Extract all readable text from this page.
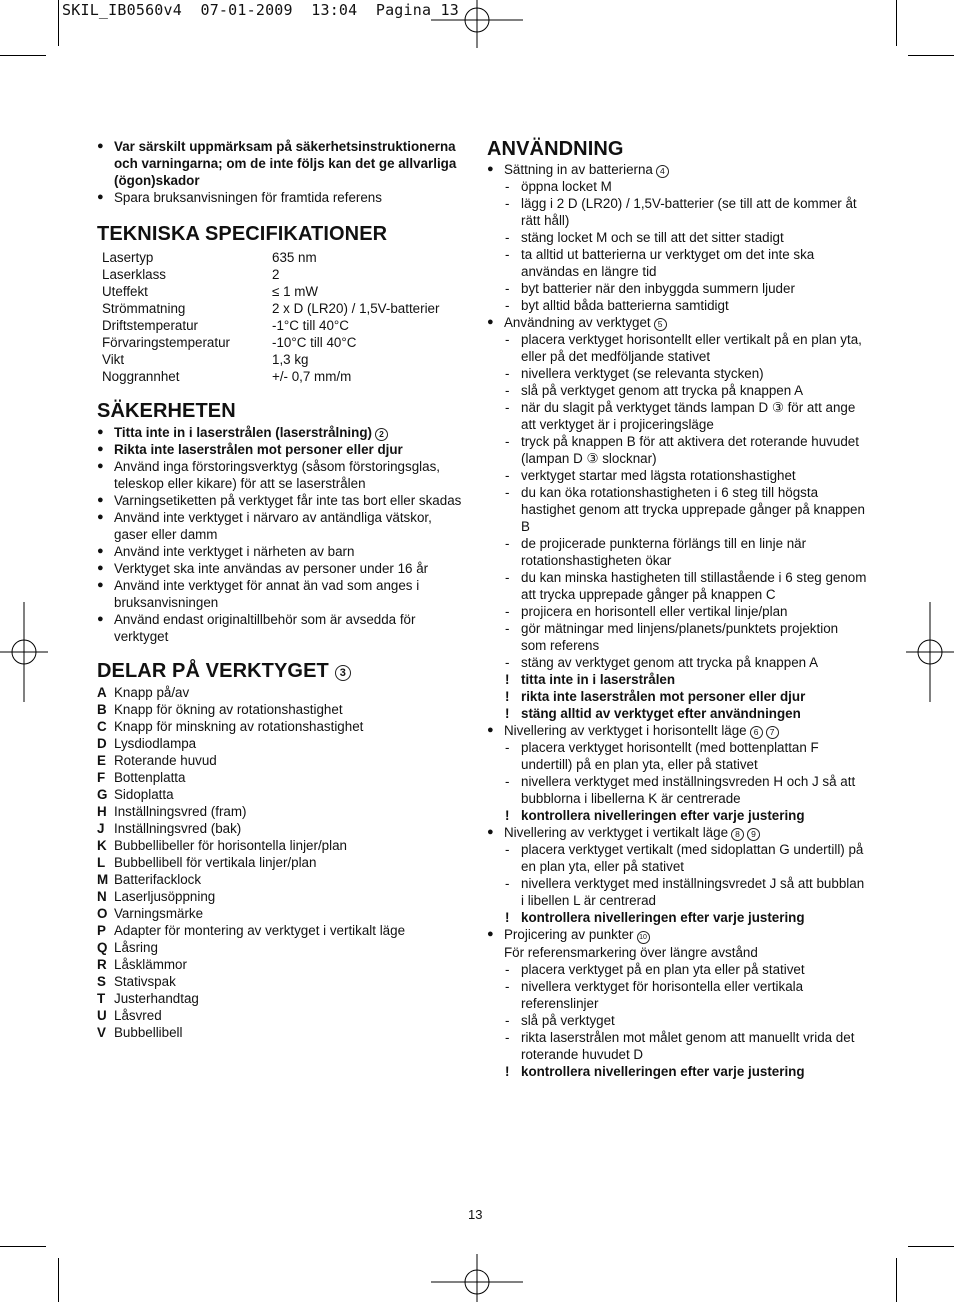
SKIL_IB0560v4  07-01-2009  13:04  Pagina 13
● Var särskilt uppmärksam på säkerhetsinstruktionerna och varningarna; om de inte följs kan det ge allvarliga (ögon)skador
● Spara bruksanvisningen för framtida referens
TEKNISKA SPECIFIKATIONER
Lasertyp	635 nm
Laserklass	2
Uteffekt	≤ 1 mW
Strömmatning	2 x D (LR20) / 1,5V-batterier
Driftstemperatur	-1°C till 40°C
Förvaringstemperatur	-10°C till 40°C
Vikt	1,3 kg
Noggrannhet	+/- 0,7 mm/m
SÄKERHETEN
● Titta inte in i laserstrålen (laserstrålning) 2
● Rikta inte laserstrålen mot personer eller djur
● Använd inga förstoringsverktyg (såsom förstoringsglas, teleskop eller kikare) för att se laserstrålen
● Varningsetiketten på verktyget får inte tas bort eller skadas
● Använd inte verktyget i närvaro av antändliga vätskor, gaser eller damm
● Använd inte verktyget i närheten av barn
● Verktyget ska inte användas av personer under 16 år
● Använd inte verktyget för annat än vad som anges i bruksanvisningen
● Använd endast originaltillbehör som är avsedda för verktyget
DELAR PÅ VERKTYGET 3
A Knapp på/av
B Knapp för ökning av rotationshastighet
C Knapp för minskning av rotationshastighet
D Lysdiodlampa
E Roterande huvud
F Bottenplatta
G Sidoplatta
H Inställningsvred (fram)
J Inställningsvred (bak)
K Bubbellibeller för horisontella linjer/plan
L Bubbellibell för vertikala linjer/plan
M Batterifacklock
N Laserljusöppning
O Varningsmärke
P Adapter för montering av verktyget i vertikalt läge
Q Låsring
R Låsklämmor
S Stativspak
T Justerhandtag
U Låsvred
V Bubbellibell
ANVÄNDNING
● Sättning in av batterierna 4
- öppna locket M
- lägg i 2 D (LR20) / 1,5V-batterier (se till att de kommer åt rätt håll)
- stäng locket M och se till att det sitter stadigt
- ta alltid ut batterierna ur verktyget om det inte ska användas en längre tid
- byt batterier när den inbyggda summern ljuder
- byt alltid båda batterierna samtidigt
● Användning av verktyget 5
- placera verktyget horisontellt eller vertikalt på en plan yta, eller på det medföljande stativet
- nivellera verktyget (se relevanta stycken)
- slå på verktyget genom att trycka på knappen A
- när du slagit på verktyget tänds lampan D ③ för att ange att verktyget är i projiceringsläge
- tryck på knappen B för att aktivera det roterande huvudet (lampan D ③ slocknar)
- verktyget startar med lägsta rotationshastighet
- du kan öka rotationshastigheten i 6 steg till högsta hastighet genom att trycka upprepade gånger på knappen B
- de projicerade punkterna förlängs till en linje när rotationshastigheten ökar
- du kan minska hastigheten till stillastående i 6 steg genom att trycka upprepade gånger på knappen C
- projicera en horisontell eller vertikal linje/plan
- gör mätningar med linjens/planets/punktets projektion som referens
- stäng av verktyget genom att trycka på knappen A
! titta inte in i laserstrålen
! rikta inte laserstrålen mot personer eller djur
! stäng alltid av verktyget efter användningen
● Nivellering av verktyget i horisontellt läge 6 7
- placera verktyget horisontellt (med bottenplattan F undertill) på en plan yta, eller på stativet
- nivellera verktyget med inställningsvreden H och J så att bubblorna i libellerna K är centrerade
! kontrollera nivelleringen efter varje justering
● Nivellering av verktyget i vertikalt läge 8 9
- placera verktyget vertikalt (med sidoplattan G undertill) på en plan yta, eller på stativet
- nivellera verktyget med inställningsvredet J så att bubblan i libellen L är centrerad
! kontrollera nivelleringen efter varje justering
● Projicering av punkter 10
För referensmarkering över längre avstånd
- placera verktyget på en plan yta eller på stativet
- nivellera verktyget för horisontella eller vertikala referenslinjer
- slå på verktyget
- rikta laserstrålen mot målet genom att manuellt vrida det roterande huvudet D
! kontrollera nivelleringen efter varje justering
13
